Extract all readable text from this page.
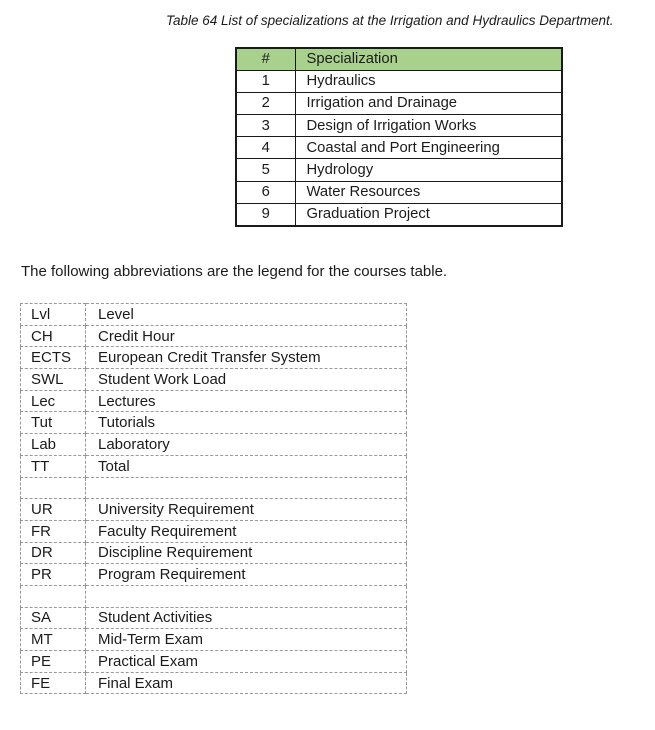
Table 64 List of specializations at the Irrigation and Hydraulics Department.
#	Specialization
1	Hydraulics
2	Irrigation and Drainage
3	Design of Irrigation Works
4	Coastal and Port Engineering
5	Hydrology
6	Water Resources
9	Graduation Project
The following abbreviations are the legend for the courses table.
Lvl	Level
CH	Credit Hour
ECTS	European Credit Transfer System
SWL	Student Work Load
Lec	Lectures
Tut	Tutorials
Lab	Laboratory
TT	Total

UR	University Requirement
FR	Faculty Requirement
DR	Discipline Requirement
PR	Program Requirement

SA	Student Activities
MT	Mid-Term Exam
PE	Practical Exam
FE	Final Exam
